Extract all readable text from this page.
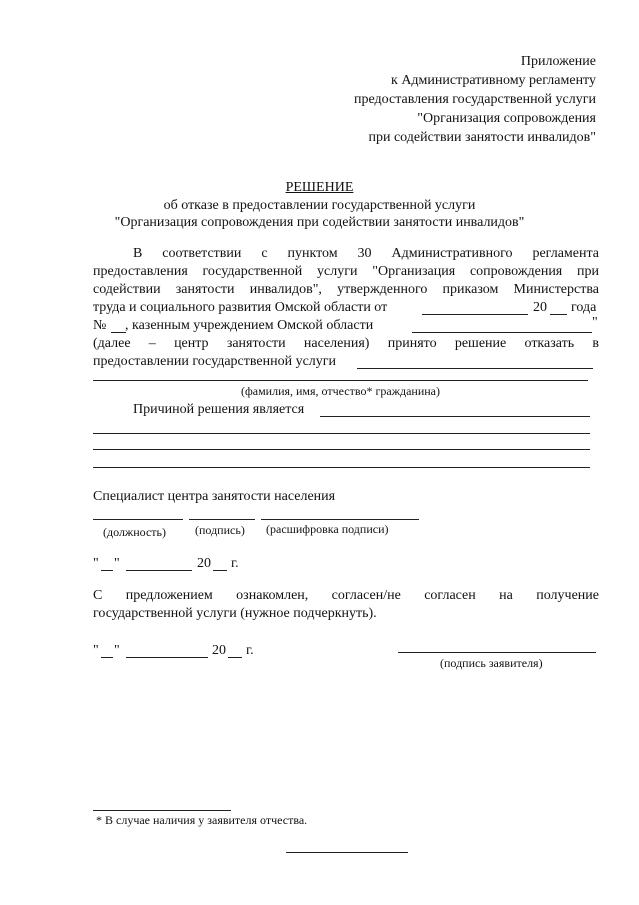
Приложение
к Административному регламенту
предоставления государственной услуги
"Организация сопровождения
при содействии занятости инвалидов"
РЕШЕНИЕ
об отказе в предоставлении государственной услуги
"Организация сопровождения при содействии занятости инвалидов"
В соответствии с пунктом 30 Административного регламента
предоставления государственной услуги "Организация сопровождения при
содействии занятости инвалидов", утвержденного приказом Министерства
труда и социального развития Омской области от	20 года
№ , казенным учреждением Омской области	"
(далее – центр занятости населения) принято решение отказать в
предоставлении государственной услуги
(фамилия, имя, отчество* гражданина)
Причиной решения является
Специалист центра занятости населения
(должность) (подпись) (расшифровка подписи)
" "	20 г.
С предложением ознакомлен, согласен/не согласен на получение
государственной услуги (нужное подчеркнуть).
" "	20 г.
(подпись заявителя)
* В случае наличия у заявителя отчества.
